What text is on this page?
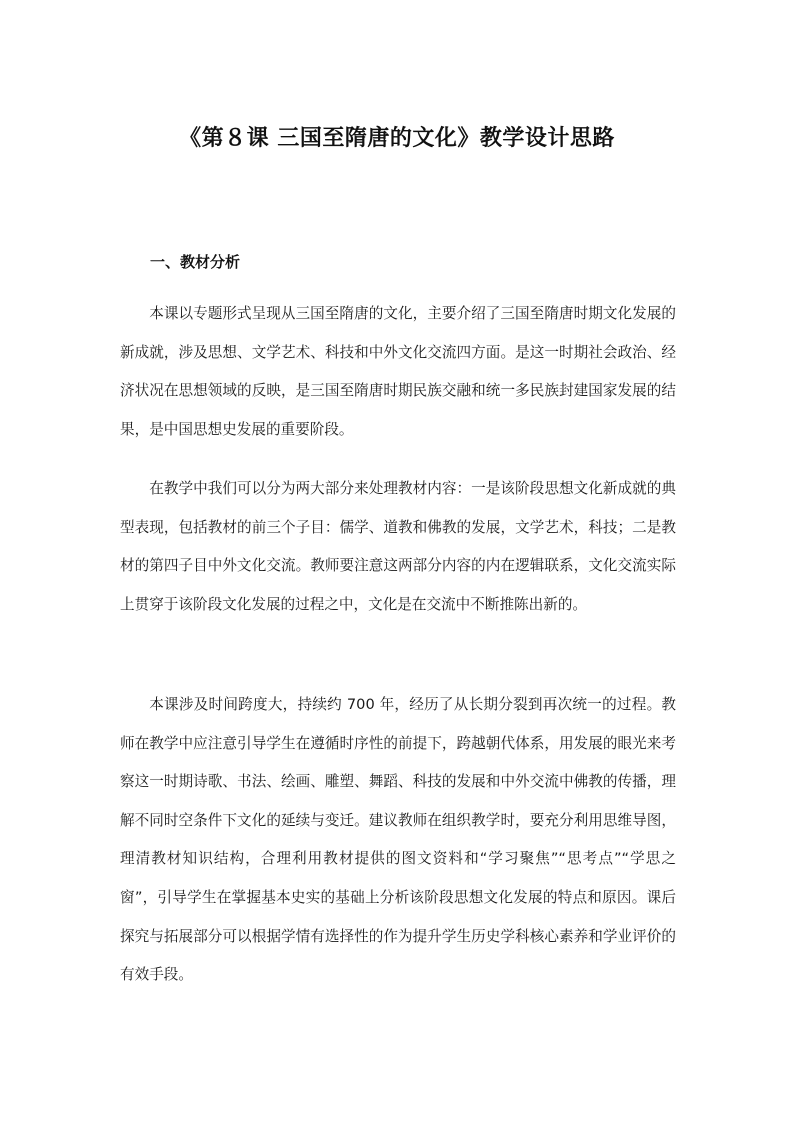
《第８课 三国至隋唐的文化》教学设计思路
一、教材分析

本课以专题形式呈现从三国至隋唐的文化，主要介绍了三国至隋唐时期文化发展的新成就，涉及思想、文学艺术、科技和中外文化交流四方面。是这一时期社会政治、经济状况在思想领域的反映，是三国至隋唐时期民族交融和统一多民族封建国家发展的结果，是中国思想史发展的重要阶段。

在教学中我们可以分为两大部分来处理教材内容：一是该阶段思想文化新成就的典型表现，包括教材的前三个子目：儒学、道教和佛教的发展，文学艺术，科技；二是教材的第四子目中外文化交流。教师要注意这两部分内容的内在逻辑联系，文化交流实际上贯穿于该阶段文化发展的过程之中，文化是在交流中不断推陈出新的。

本课涉及时间跨度大，持续约 700 年，经历了从长期分裂到再次统一的过程。教师在教学中应注意引导学生在遵循时序性的前提下，跨越朝代体系，用发展的眼光来考察这一时期诗歌、书法、绘画、雕塑、舞蹈、科技的发展和中外交流中佛教的传播，理解不同时空条件下文化的延续与变迁。建议教师在组织教学时，要充分利用思维导图，理清教材知识结构，合理利用教材提供的图文资料和“学习聚焦”“思考点”“学思之窗”，引导学生在掌握基本史实的基础上分析该阶段思想文化发展的特点和原因。课后探究与拓展部分可以根据学情有选择性的作为提升学生历史学科核心素养和学业评价的有效手段。
